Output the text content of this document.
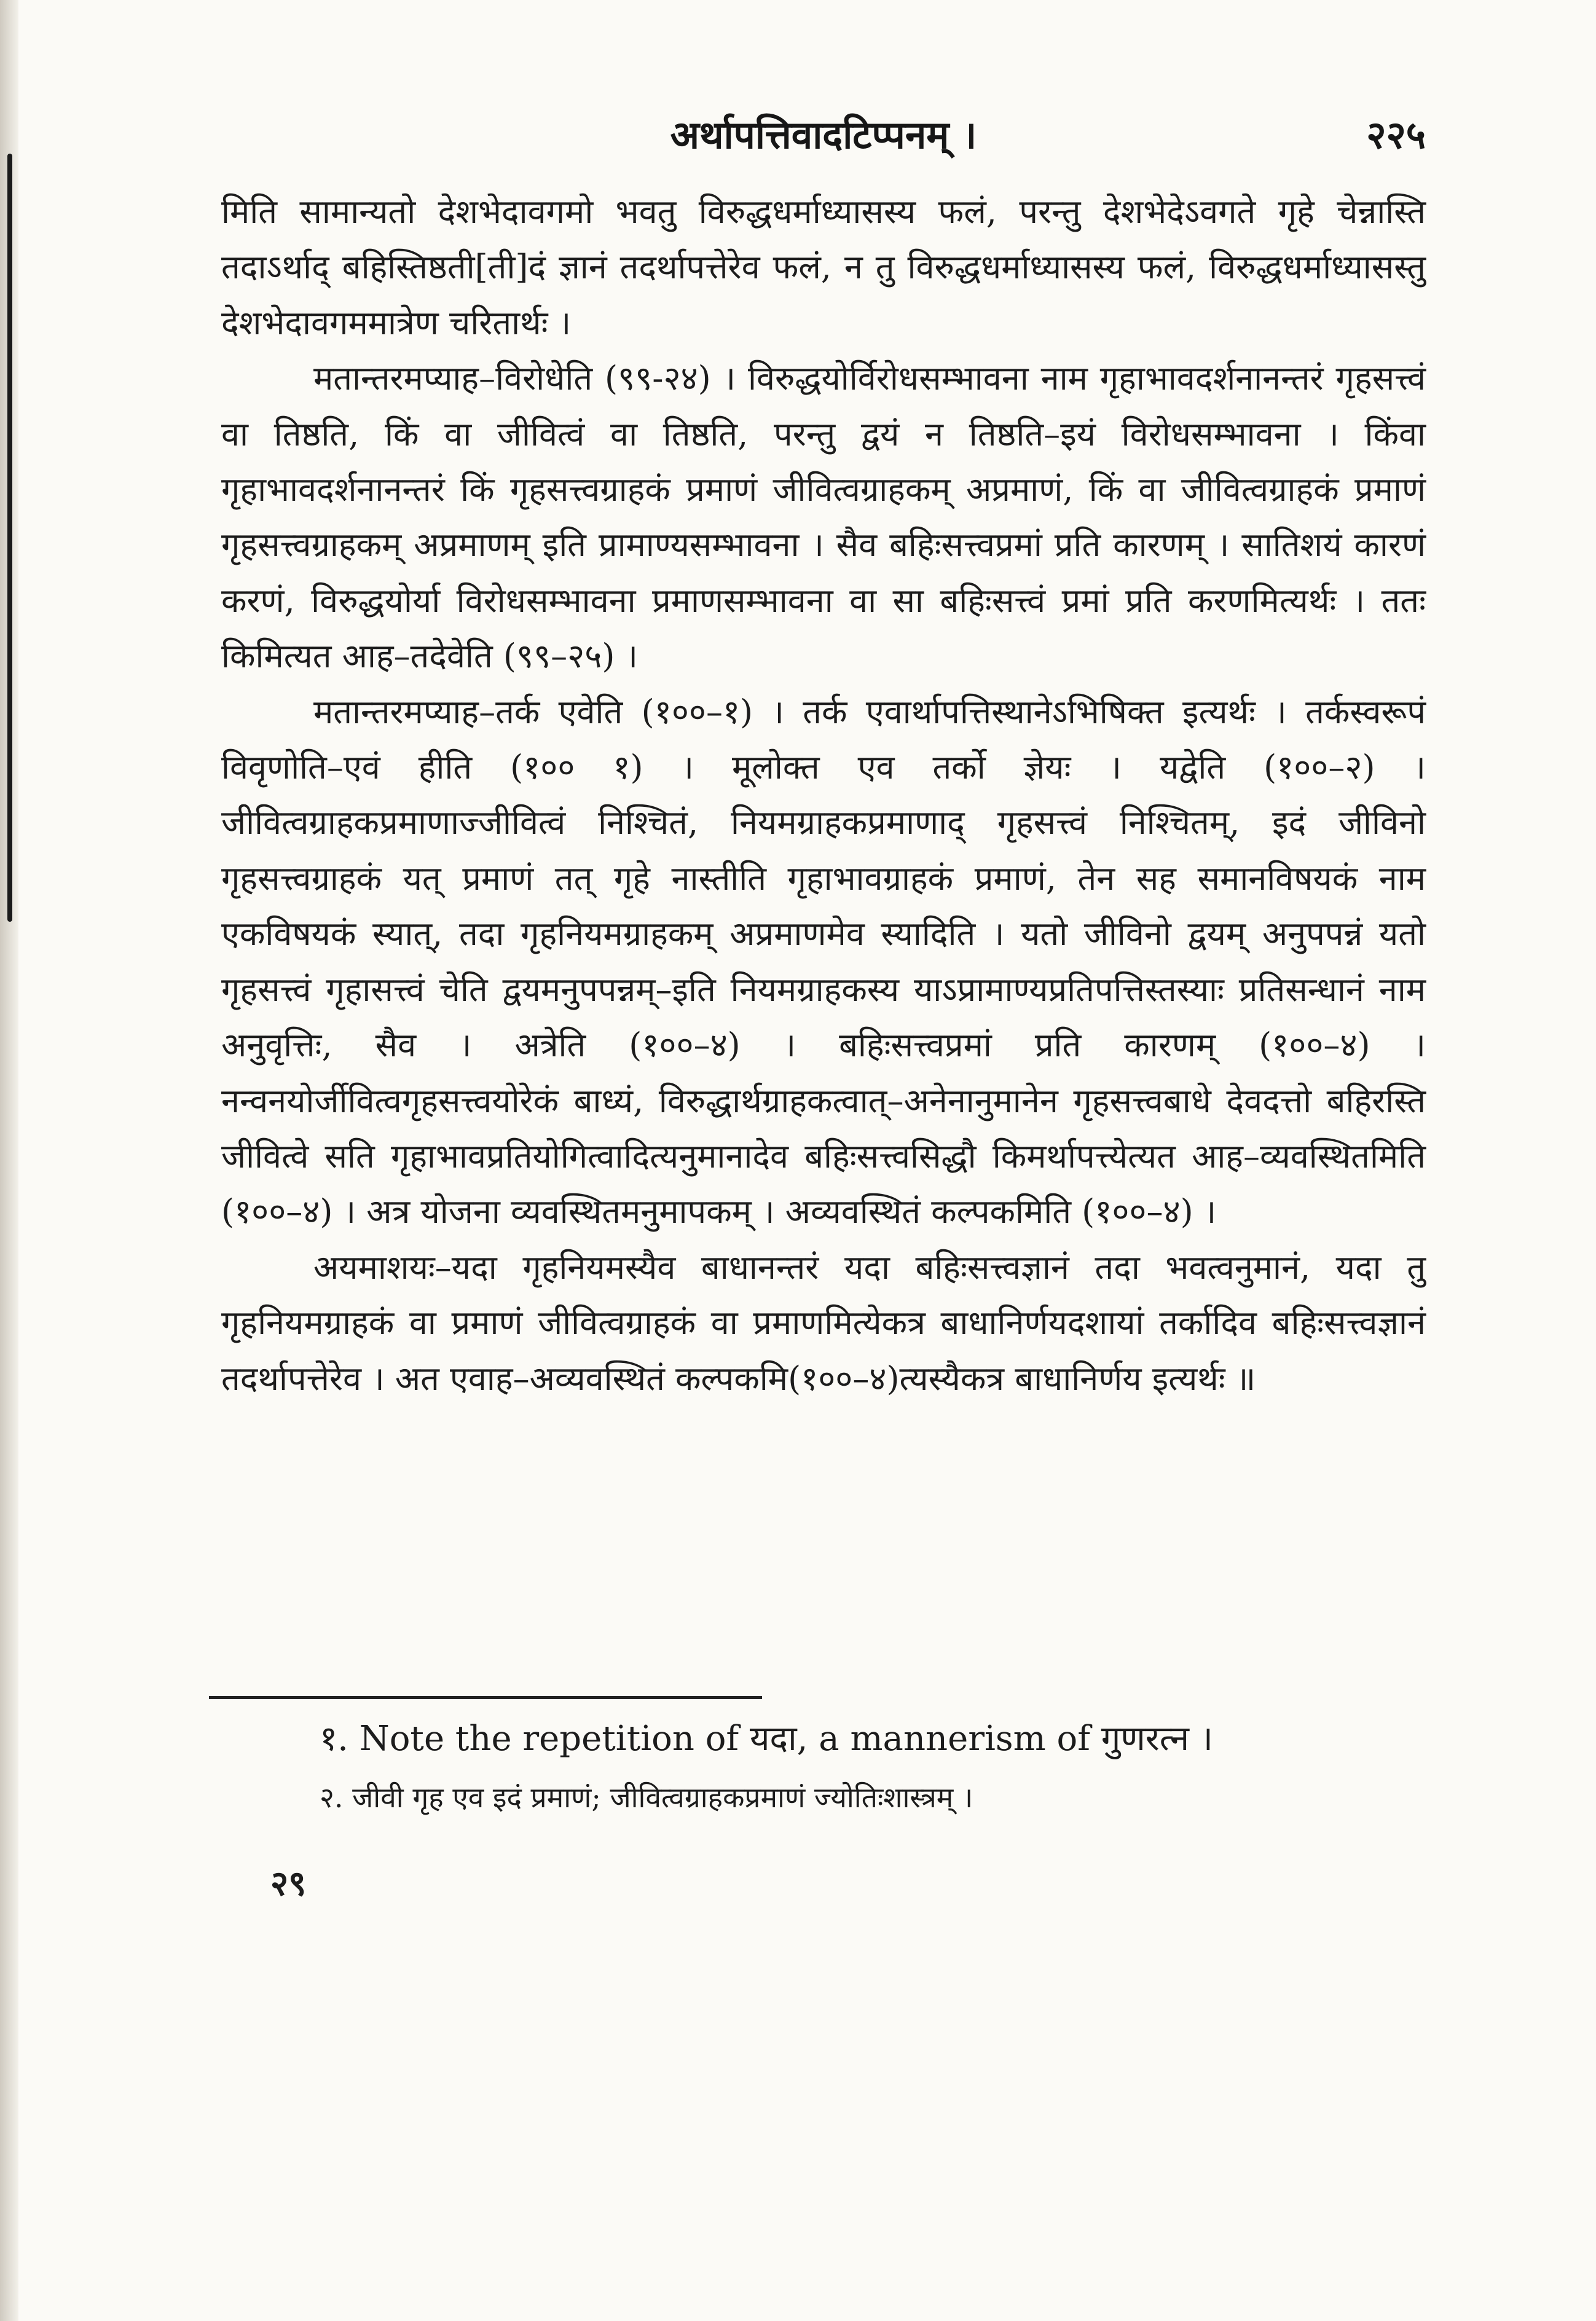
अर्थापत्तिवादटिप्पनम् ।	२२५

मिति सामान्यतो देशभेदावगमो भवतु विरुद्धधर्माध्यासस्य फलं, परन्तु देशभेदेऽवगते गृहे चेन्नास्ति तदाऽर्थाद् बहिस्तिष्ठती[ती]दं ज्ञानं तदर्थापत्तेरेव फलं, न तु विरुद्धधर्माध्यासस्य फलं, विरुद्धधर्माध्यासस्तु देशभेदावगममात्रेण चरितार्थः ।

मतान्तरमप्याह–विरोधेति (९९-२४) । विरुद्धयोर्विरोधसम्भावना नाम गृहाभावदर्शनानन्तरं गृहसत्त्वं वा तिष्ठति, किं वा जीवित्वं वा तिष्ठति, परन्तु द्वयं न तिष्ठति–इयं विरोधसम्भावना । किंवा गृहाभावदर्शनानन्तरं किं गृहसत्त्वग्राहकं प्रमाणं जीवित्वग्राहकम् अप्रमाणं, किं वा जीवित्वग्राहकं प्रमाणं गृहसत्त्वग्राहकम् अप्रमाणम् इति प्रामाण्यसम्भावना । सैव बहिःसत्त्वप्रमां प्रति कारणम् । सातिशयं कारणं करणं, विरुद्धयोर्या विरोधसम्भावना प्रमाणसम्भावना वा सा बहिःसत्त्वं प्रमां प्रति करणमित्यर्थः । ततः किमित्यत आह–तदेवेति (९९–२५) ।

मतान्तरमप्याह–तर्क एवेति (१००–१) । तर्क एवार्थापत्तिस्थानेऽभिषिक्त इत्यर्थः । तर्कस्वरूपं विवृणोति–एवं हीति (१०० १) । मूलोक्त एव तर्को ज्ञेयः । यद्वेति (१००–२) । जीवित्वग्राहकप्रमाणाज्जीवित्वं निश्चितं, नियमग्राहकप्रमाणाद् गृहसत्त्वं निश्चितम्, इदं जीविनो गृहसत्त्वग्राहकं यत् प्रमाणं तत् गृहे नास्तीति गृहाभावग्राहकं प्रमाणं, तेन सह समानविषयकं नाम एकविषयकं स्यात्, तदा गृहनियमग्राहकम् अप्रमाणमेव स्यादिति । यतो जीविनो द्वयम् अनुपपन्नं यतो गृहसत्त्वं गृहासत्त्वं चेति द्वयमनुपपन्नम्–इति नियमग्राहकस्य याऽप्रामाण्यप्रतिपत्तिस्तस्याः प्रतिसन्धानं नाम अनुवृत्तिः, सैव । अत्रेति (१००–४) । बहिःसत्त्वप्रमां प्रति कारणम् (१००–४) । नन्वनयोर्जीवित्वगृहसत्त्वयोरेकं बाध्यं, विरुद्धार्थग्राहकत्वात्–अनेनानुमानेन गृहसत्त्वबाधे देवदत्तो बहिरस्ति जीवित्वे सति गृहाभावप्रतियोगित्वादित्यनुमानादेव बहिःसत्त्वसिद्धौ किमर्थापत्त्येत्यत आह–व्यवस्थितमिति (१००–४) । अत्र योजना व्यवस्थितमनुमापकम् । अव्यवस्थितं कल्पकमिति (१००–४) ।

अयमाशयः–यदा गृहनियमस्यैव बाधानन्तरं यदा बहिःसत्त्वज्ञानं तदा भवत्वनुमानं, यदा तु गृहनियमग्राहकं वा प्रमाणं जीवित्वग्राहकं वा प्रमाणमित्येकत्र बाधानिर्णयदशायां तर्कादिव बहिःसत्त्वज्ञानं तदर्थापत्तेरेव । अत एवाह–अव्यवस्थितं कल्पकमि(१००–४)त्यस्यैकत्र बाधानिर्णय इत्यर्थः ॥

१. Note the repetition of यदा, a mannerism of गुणरत्न ।

२. जीवी गृह एव इदं प्रमाणं; जीवित्वग्राहकप्रमाणं ज्योतिःशास्त्रम् ।

२९
